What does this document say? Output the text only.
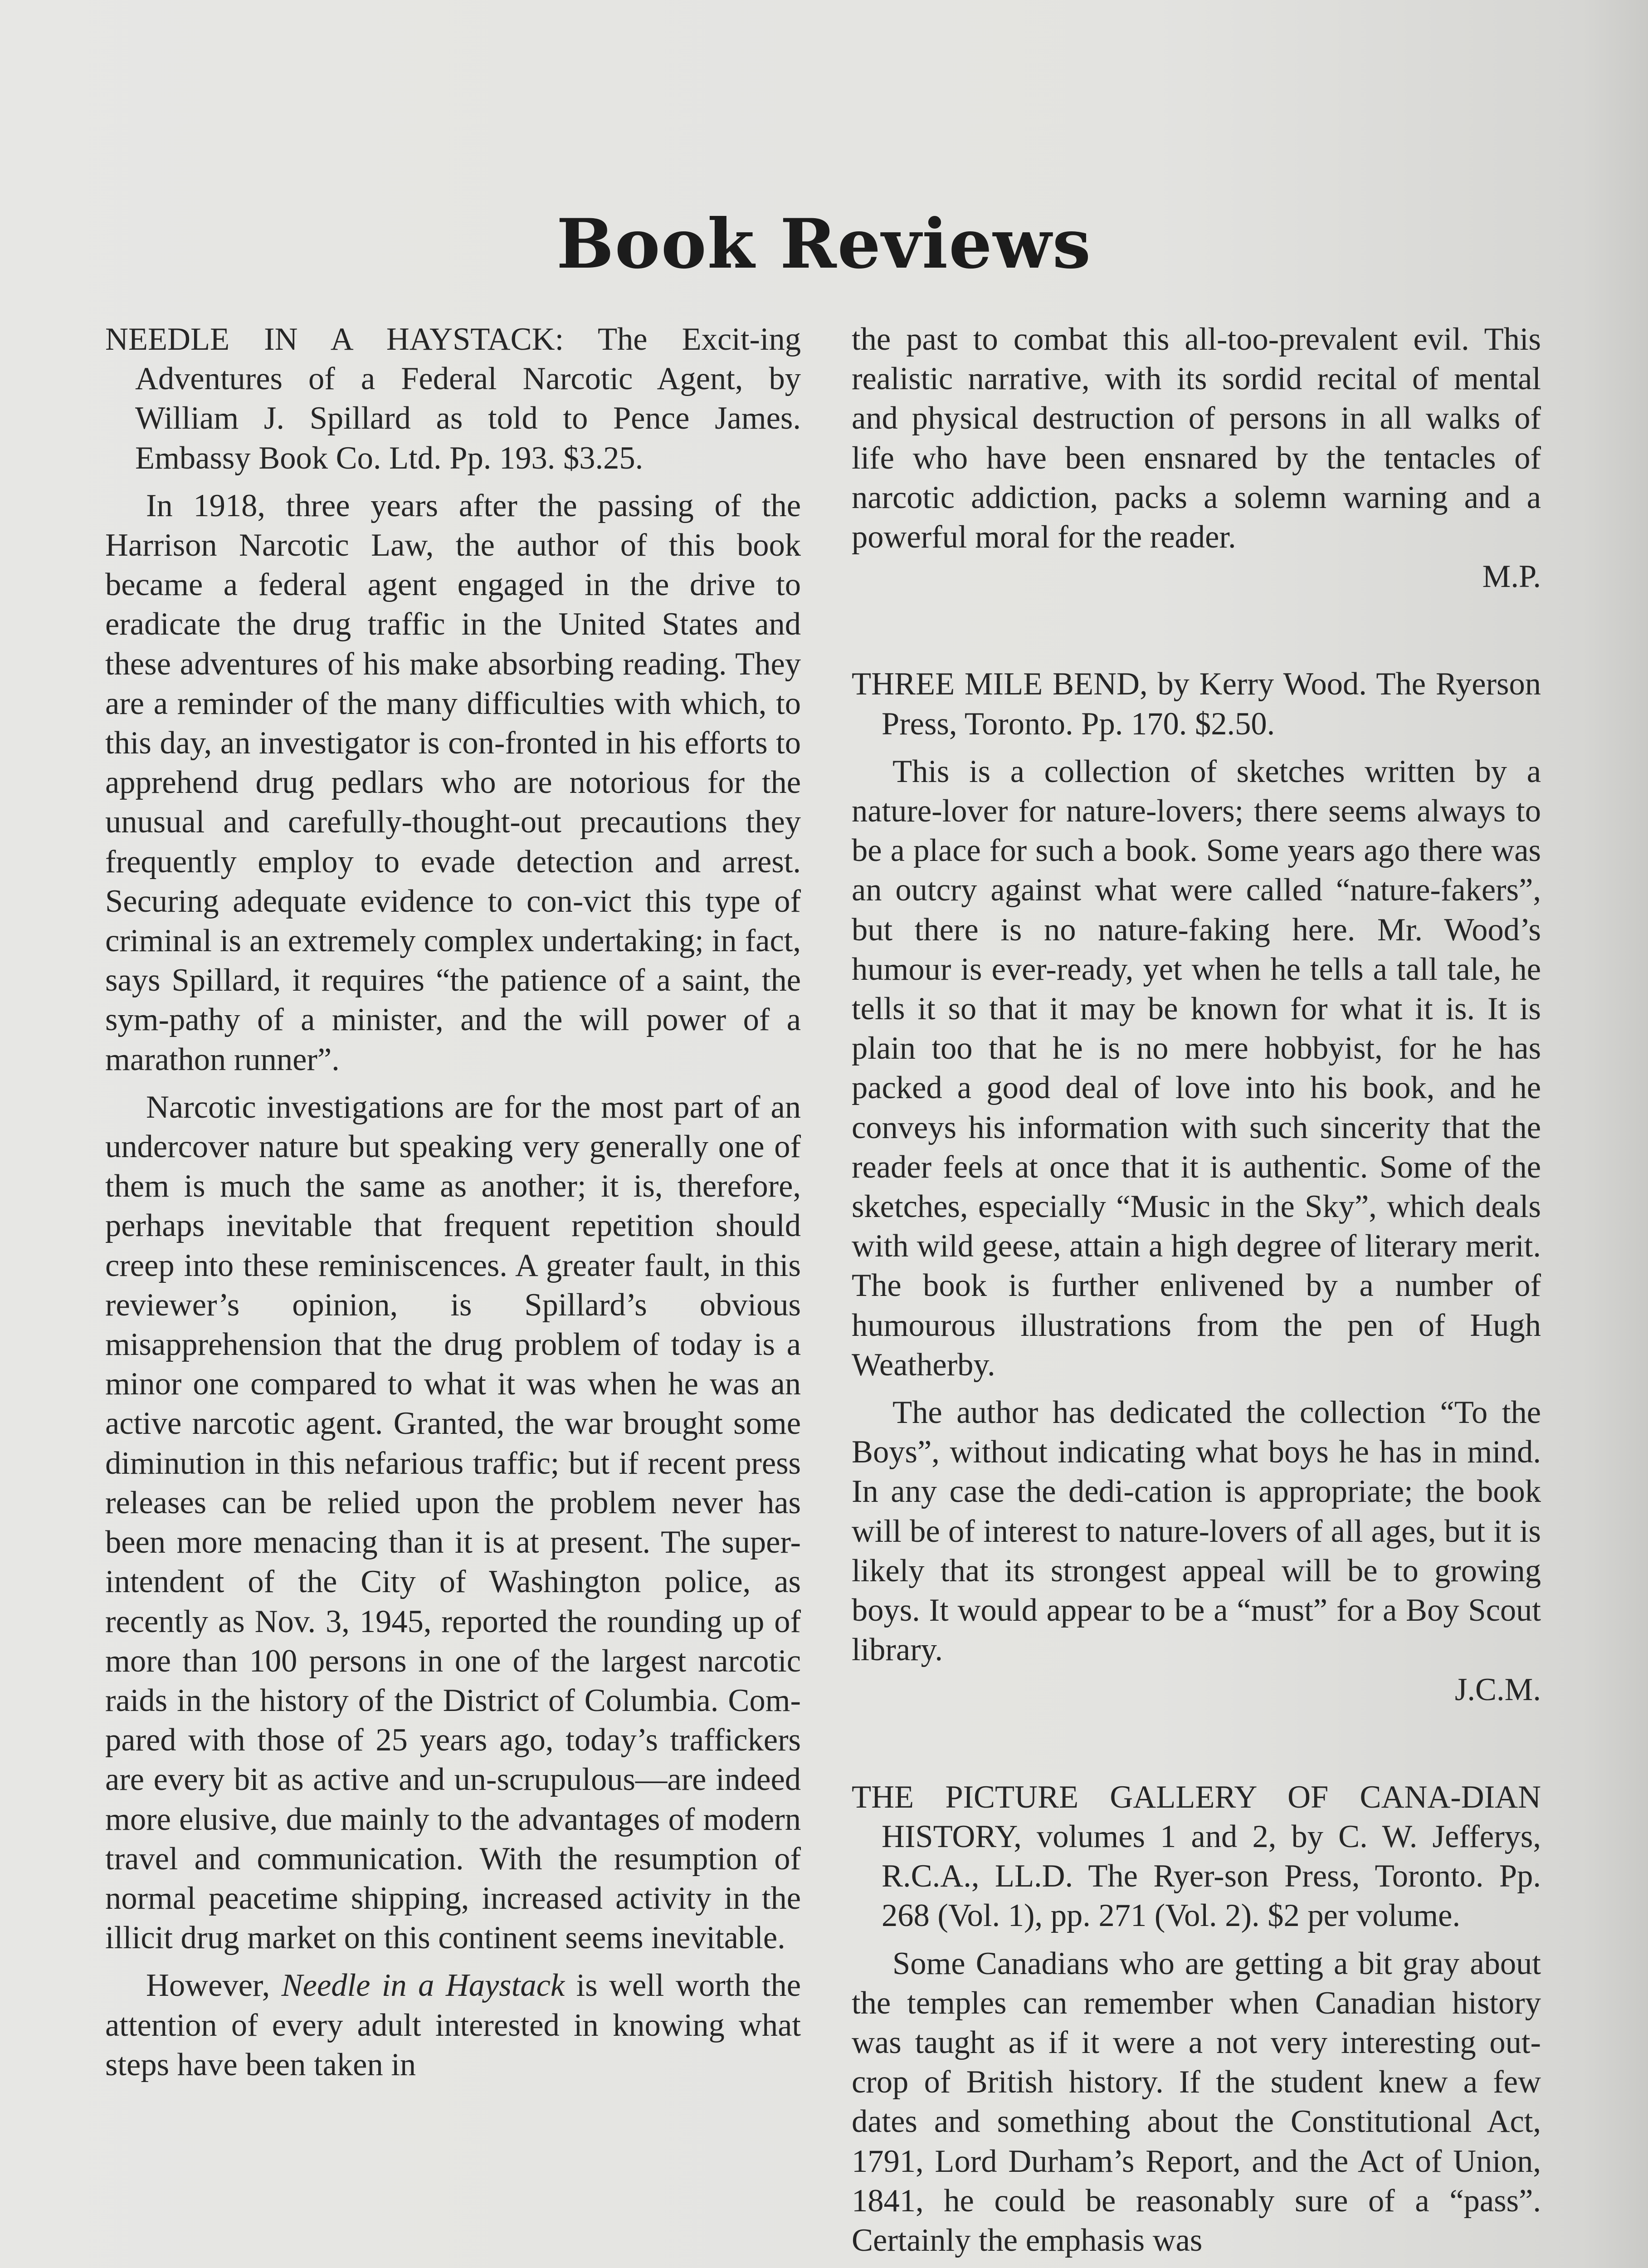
Book Reviews

NEEDLE IN A HAYSTACK: The Excit-ing Adventures of a Federal Narcotic Agent, by William J. Spillard as told to Pence James. Embassy Book Co. Ltd. Pp. 193. $3.25.

In 1918, three years after the passing of the Harrison Narcotic Law, the author of this book became a federal agent engaged in the drive to eradicate the drug traffic in the United States and these adventures of his make absorbing reading. They are a reminder of the many difficulties with which, to this day, an investigator is con-fronted in his efforts to apprehend drug pedlars who are notorious for the unusual and carefully-thought-out precautions they frequently employ to evade detection and arrest. Securing adequate evidence to con-vict this type of criminal is an extremely complex undertaking; in fact, says Spillard, it requires “the patience of a saint, the sym-pathy of a minister, and the will power of a marathon runner”.

Narcotic investigations are for the most part of an undercover nature but speaking very generally one of them is much the same as another; it is, therefore, perhaps inevitable that frequent repetition should creep into these reminiscences. A greater fault, in this reviewer’s opinion, is Spillard’s obvious misapprehension that the drug problem of today is a minor one compared to what it was when he was an active narcotic agent. Granted, the war brought some diminution in this nefarious traffic; but if recent press releases can be relied upon the problem never has been more menacing than it is at present. The super-intendent of the City of Washington police, as recently as Nov. 3, 1945, reported the rounding up of more than 100 persons in one of the largest narcotic raids in the history of the District of Columbia. Com-pared with those of 25 years ago, today’s traffickers are every bit as active and un-scrupulous—are indeed more elusive, due mainly to the advantages of modern travel and communication. With the resumption of normal peacetime shipping, increased activity in the illicit drug market on this continent seems inevitable.

However, Needle in a Haystack is well worth the attention of every adult interested in knowing what steps have been taken in

the past to combat this all-too-prevalent evil. This realistic narrative, with its sordid recital of mental and physical destruction of persons in all walks of life who have been ensnared by the tentacles of narcotic addiction, packs a solemn warning and a powerful moral for the reader.

M.P.

THREE MILE BEND, by Kerry Wood. The Ryerson Press, Toronto. Pp. 170. $2.50.

This is a collection of sketches written by a nature-lover for nature-lovers; there seems always to be a place for such a book. Some years ago there was an outcry against what were called “nature-fakers”, but there is no nature-faking here. Mr. Wood’s humour is ever-ready, yet when he tells a tall tale, he tells it so that it may be known for what it is. It is plain too that he is no mere hobbyist, for he has packed a good deal of love into his book, and he conveys his information with such sincerity that the reader feels at once that it is authentic. Some of the sketches, especially “Music in the Sky”, which deals with wild geese, attain a high degree of literary merit. The book is further enlivened by a number of humourous illustrations from the pen of Hugh Weatherby.

The author has dedicated the collection “To the Boys”, without indicating what boys he has in mind. In any case the dedi-cation is appropriate; the book will be of interest to nature-lovers of all ages, but it is likely that its strongest appeal will be to growing boys. It would appear to be a “must” for a Boy Scout library.

J.C.M.

THE PICTURE GALLERY OF CANA-DIAN HISTORY, volumes 1 and 2, by C. W. Jefferys, R.C.A., LL.D. The Ryer-son Press, Toronto. Pp. 268 (Vol. 1), pp. 271 (Vol. 2). $2 per volume.

Some Canadians who are getting a bit gray about the temples can remember when Canadian history was taught as if it were a not very interesting out-crop of British history. If the student knew a few dates and something about the Constitutional Act, 1791, Lord Durham’s Report, and the Act of Union, 1841, he could be reasonably sure of a “pass”. Certainly the emphasis was
